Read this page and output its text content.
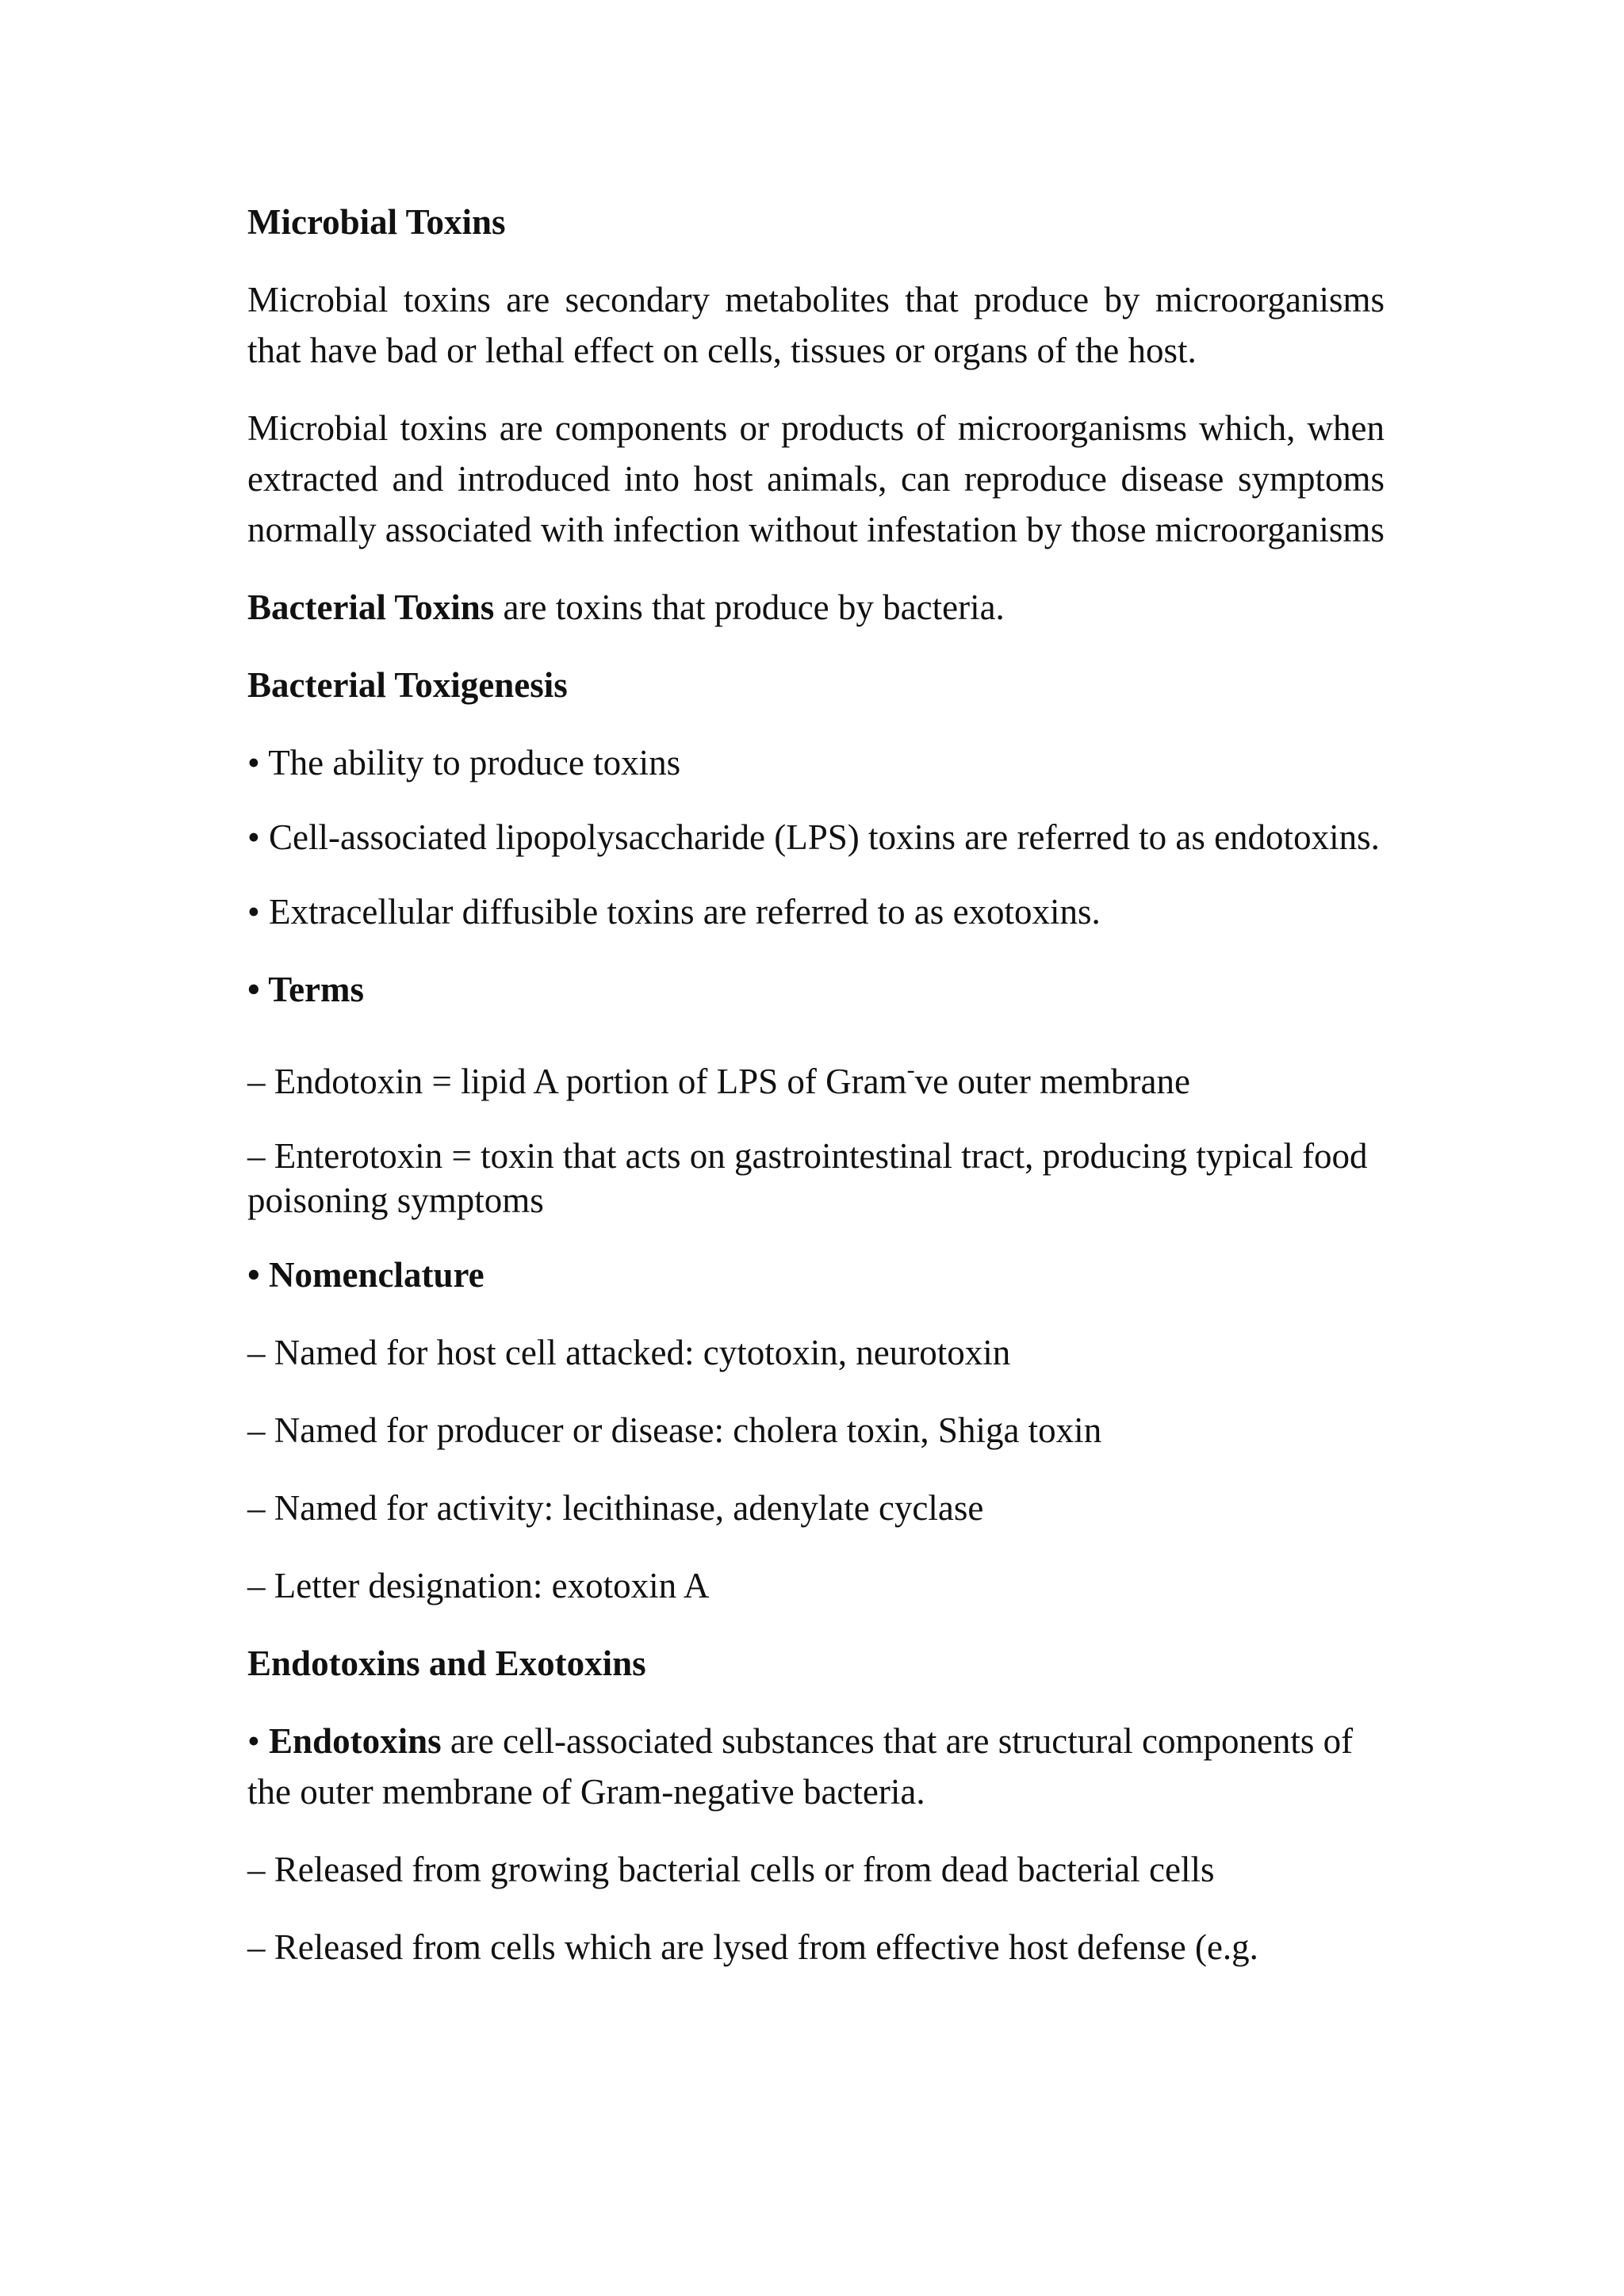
Microbial Toxins
Microbial toxins are secondary metabolites that produce by microorganisms that have bad or lethal effect on cells, tissues or organs of the host.
Microbial toxins are components or products of microorganisms which, when extracted and introduced into host animals, can reproduce disease symptoms normally associated with infection without infestation by those microorganisms
Bacterial Toxins are toxins that produce by bacteria.
Bacterial Toxigenesis
• The ability to produce toxins
• Cell-associated lipopolysaccharide (LPS) toxins are referred to as endotoxins.
• Extracellular diffusible toxins are referred to as exotoxins.
• Terms
– Endotoxin = lipid A portion of LPS of Gram-ve outer membrane
– Enterotoxin = toxin that acts on gastrointestinal tract, producing typical food poisoning symptoms
• Nomenclature
– Named for host cell attacked: cytotoxin, neurotoxin
– Named for producer or disease: cholera toxin, Shiga toxin
– Named for activity: lecithinase, adenylate cyclase
– Letter designation: exotoxin A
Endotoxins and Exotoxins
• Endotoxins are cell-associated substances that are structural components of the outer membrane of Gram-negative bacteria.
– Released from growing bacterial cells or from dead bacterial cells
– Released from cells which are lysed from effective host defense (e.g.
